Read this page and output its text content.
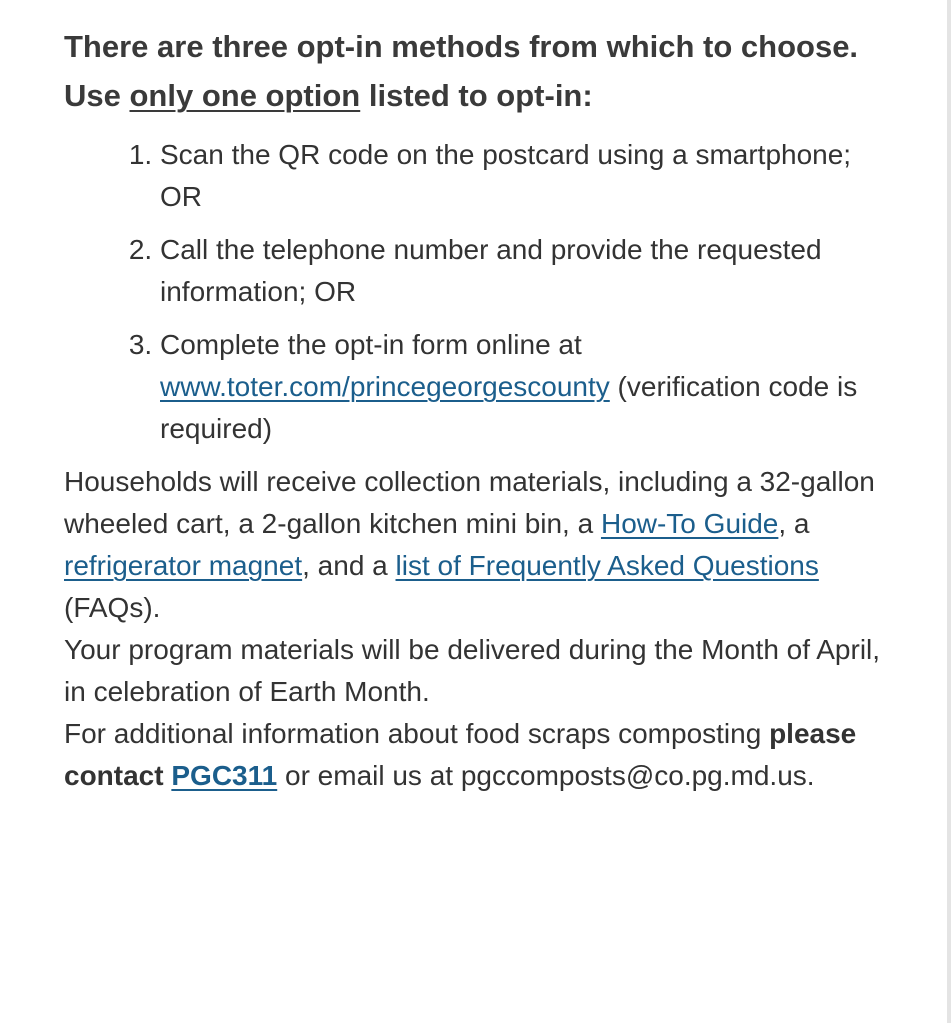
There are three opt-in methods from which to choose. Use only one option listed to opt-in:

1. Scan the QR code on the postcard using a smartphone; OR
2. Call the telephone number and provide the requested information; OR
3. Complete the opt-in form online at www.toter.com/princegeorgescounty (verification code is required)

Households will receive collection materials, including a 32-gallon wheeled cart, a 2-gallon kitchen mini bin, a How-To Guide, a refrigerator magnet, and a list of Frequently Asked Questions (FAQs).

Your program materials will be delivered during the Month of April, in celebration of Earth Month.

For additional information about food scraps composting please contact PGC311 or email us at pgccomposts@co.pg.md.us.
